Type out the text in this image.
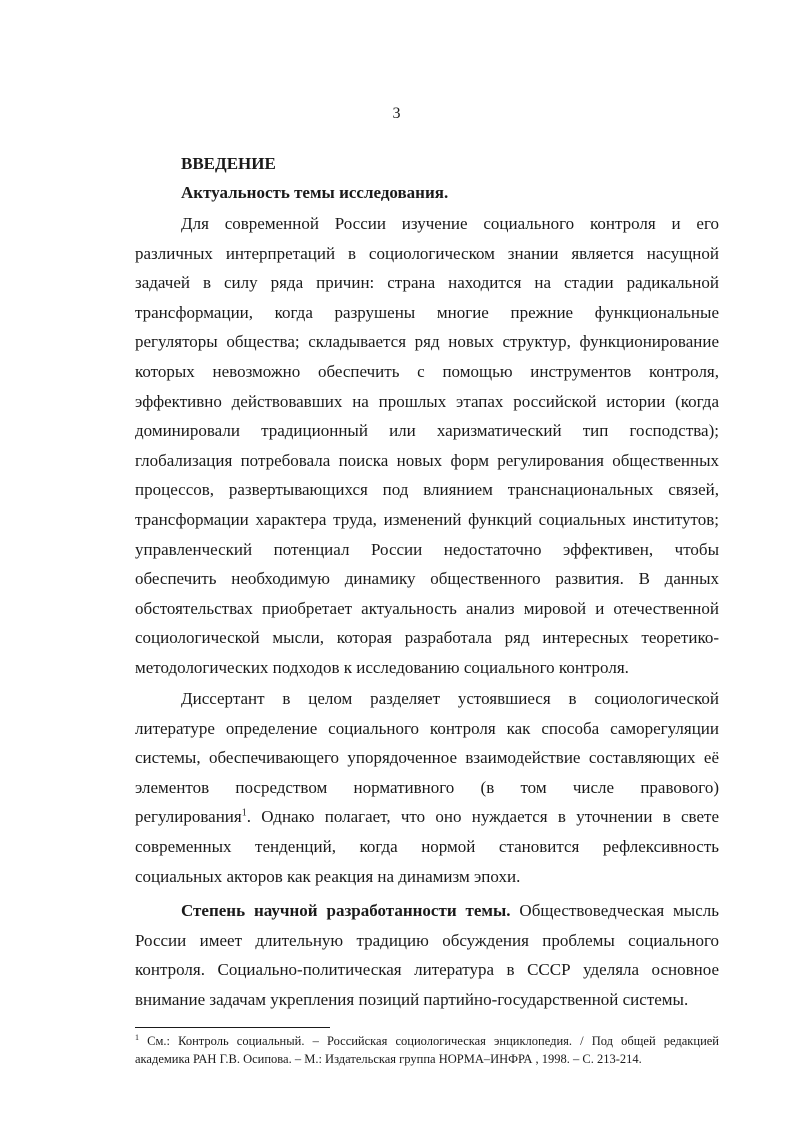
3
ВВЕДЕНИЕ
Актуальность темы исследования.
Для современной России изучение социального контроля и его
различных интерпретаций в социологическом знании является насущной
задачей в силу ряда причин: страна находится на стадии радикальной
трансформации, когда разрушены многие прежние функциональные
регуляторы общества; складывается ряд новых структур, функционирование
которых невозможно обеспечить с помощью инструментов контроля,
эффективно действовавших на прошлых этапах российской истории (когда
доминировали традиционный или харизматический тип господства);
глобализация потребовала поиска новых форм регулирования общественных
процессов, развертывающихся под влиянием транснациональных связей,
трансформации характера труда, изменений функций социальных институтов;
управленческий потенциал России недостаточно эффективен, чтобы
обеспечить необходимую динамику общественного развития. В данных
обстоятельствах приобретает актуальность анализ мировой и отечественной
социологической мысли, которая разработала ряд интересных теоретико-
методологических подходов к исследованию социального контроля.
Диссертант в целом разделяет устоявшиеся в социологической
литературе определение социального контроля как способа саморегуляции
системы, обеспечивающего упорядоченное взаимодействие составляющих её
элементов посредством нормативного (в том числе правового)
регулирования$^1$. Однако полагает, что оно нуждается в уточнении в свете
современных тенденций, когда нормой становится рефлексивность
социальных акторов как реакция на динамизм эпохи.
Степень научной разработанности темы. Обществоведческая мысль
России имеет длительную традицию обсуждения проблемы социального
контроля. Социально-политическая литература в СССР уделяла основное
внимание задачам укрепления позиций партийно-государственной системы.
$^1$ См.: Контроль социальный. – Российская социологическая энциклопедия. / Под общей редакцией
академика РАН Г.В. Осипова. – М.: Издательская группа НОРМА–ИНФРА , 1998. – С. 213-214.
